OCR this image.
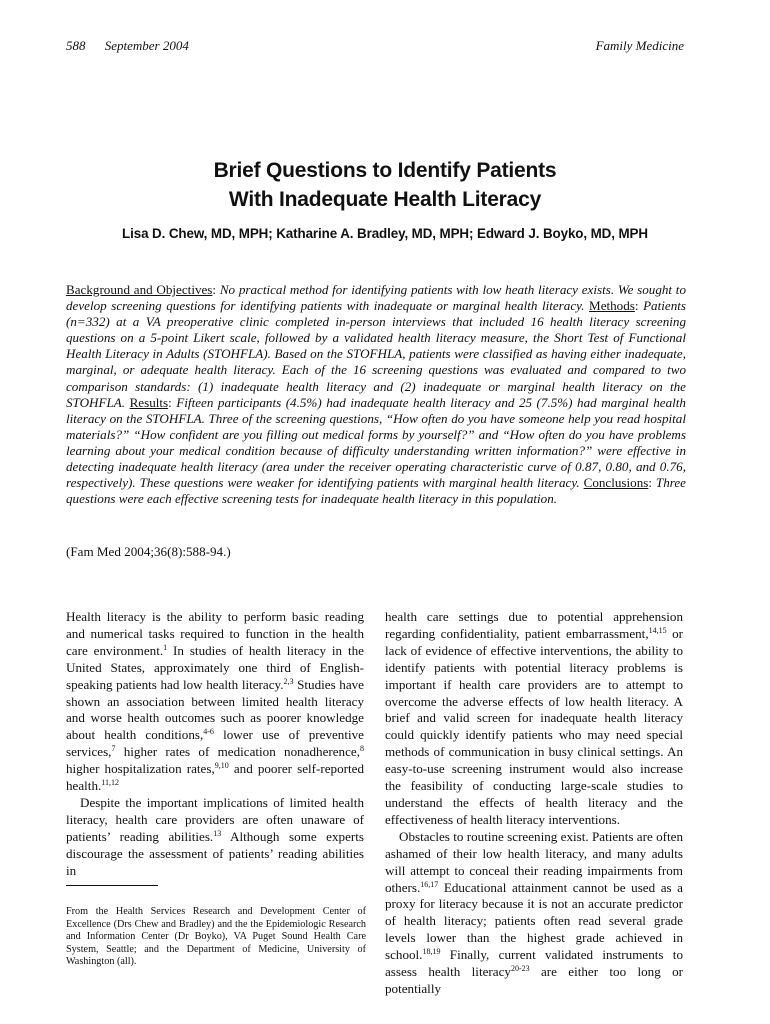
588 September 2004	Family Medicine
Brief Questions to Identify Patients
With Inadequate Health Literacy
Lisa D. Chew, MD, MPH; Katharine A. Bradley, MD, MPH; Edward J. Boyko, MD, MPH

Background and Objectives: No practical method for identifying patients with low heath literacy exists. We sought to develop screening questions for identifying patients with inadequate or marginal health literacy. Methods: Patients (n=332) at a VA preoperative clinic completed in-person interviews that included 16 health literacy screening questions on a 5-point Likert scale, followed by a validated health literacy measure, the Short Test of Functional Health Literacy in Adults (STOHFLA). Based on the STOFHLA, patients were classified as having either inadequate, marginal, or adequate health literacy. Each of the 16 screening questions was evaluated and compared to two comparison standards: (1) inadequate health literacy and (2) inadequate or marginal health literacy on the STOHFLA. Results: Fifteen participants (4.5%) had inadequate health literacy and 25 (7.5%) had marginal health literacy on the STOHFLA. Three of the screening questions, “How often do you have someone help you read hospital materials?” “How confident are you filling out medical forms by yourself?” and “How often do you have problems learning about your medical condition because of difficulty understanding written information?” were effective in detecting inadequate health literacy (area under the receiver operating characteristic curve of 0.87, 0.80, and 0.76, respectively). These questions were weaker for identifying patients with marginal health literacy. Conclusions: Three questions were each effective screening tests for inadequate health literacy in this population.

(Fam Med 2004;36(8):588-94.)

Health literacy is the ability to perform basic reading and numerical tasks required to function in the health care environment.$^1$ In studies of health literacy in the United States, approximately one third of English-speaking patients had low health literacy.$^{2,3}$ Studies have shown an association between limited health literacy and worse health outcomes such as poorer knowledge about health conditions,$^{4-6}$ lower use of preventive services,$^7$ higher rates of medication nonadherence,$^8$ higher hospitalization rates,$^{9,10}$ and poorer self-reported health.$^{11,12}$

Despite the important implications of limited health literacy, health care providers are often unaware of patients’ reading abilities.$^{13}$ Although some experts discourage the assessment of patients’ reading abilities in

health care settings due to potential apprehension regarding confidentiality, patient embarrassment,$^{14,15}$ or lack of evidence of effective interventions, the ability to identify patients with potential literacy problems is important if health care providers are to attempt to overcome the adverse effects of low health literacy. A brief and valid screen for inadequate health literacy could quickly identify patients who may need special methods of communication in busy clinical settings. An easy-to-use screening instrument would also increase the feasibility of conducting large-scale studies to understand the effects of health literacy and the effectiveness of health literacy interventions.

Obstacles to routine screening exist. Patients are often ashamed of their low health literacy, and many adults will attempt to conceal their reading impairments from others.$^{16,17}$ Educational attainment cannot be used as a proxy for literacy because it is not an accurate predictor of health literacy; patients often read several grade levels lower than the highest grade achieved in school.$^{18,19}$ Finally, current validated instruments to assess health literacy$^{20-23}$ are either too long or potentially

From the Health Services Research and Development Center of Excellence (Drs Chew and Bradley) and the the Epidemiologic Research and Information Center (Dr Boyko), VA Puget Sound Health Care System, Seattle; and the Department of Medicine, University of Washington (all).
